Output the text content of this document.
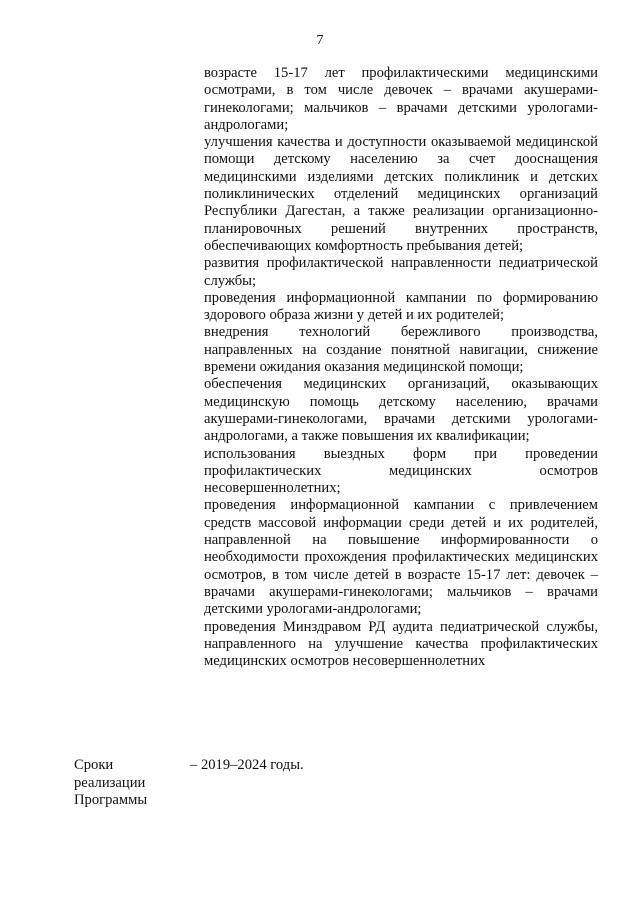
7

возрасте 15-17 лет профилактическими медицинскими осмотрами, в том числе девочек – врачами акушерами-гинекологами; мальчиков – врачами детскими урологами-андрологами;

улучшения качества и доступности оказываемой медицинской помощи детскому населению за счет дооснащения медицинскими изделиями детских поликлиник и детских поликлинических отделений медицинских организаций Республики Дагестан, а также реализации организационно-планировочных решений внутренних пространств, обеспечивающих комфортность пребывания детей;

развития профилактической направленности педиатрической службы;

проведения информационной кампании по формированию здорового образа жизни у детей и их родителей;

внедрения технологий бережливого производства, направленных на создание понятной навигации, снижение времени ожидания оказания медицинской помощи;

обеспечения медицинских организаций, оказывающих медицинскую помощь детскому населению, врачами акушерами-гинекологами, врачами детскими урологами-андрологами, а также повышения их квалификации;

использования выездных форм при проведении профилактических медицинских осмотров несовершеннолетних;

проведения информационной кампании с привлечением средств массовой информации среди детей и их родителей, направленной на повышение информированности о необходимости прохождения профилактических медицинских осмотров, в том числе детей в возрасте 15-17 лет: девочек – врачами акушерами-гинекологами; мальчиков – врачами детскими урологами-андрологами;

проведения Минздравом РД аудита педиатрической службы, направленного на улучшение качества профилактических медицинских осмотров несовершеннолетних

Сроки реализации Программы
– 2019–2024 годы.
